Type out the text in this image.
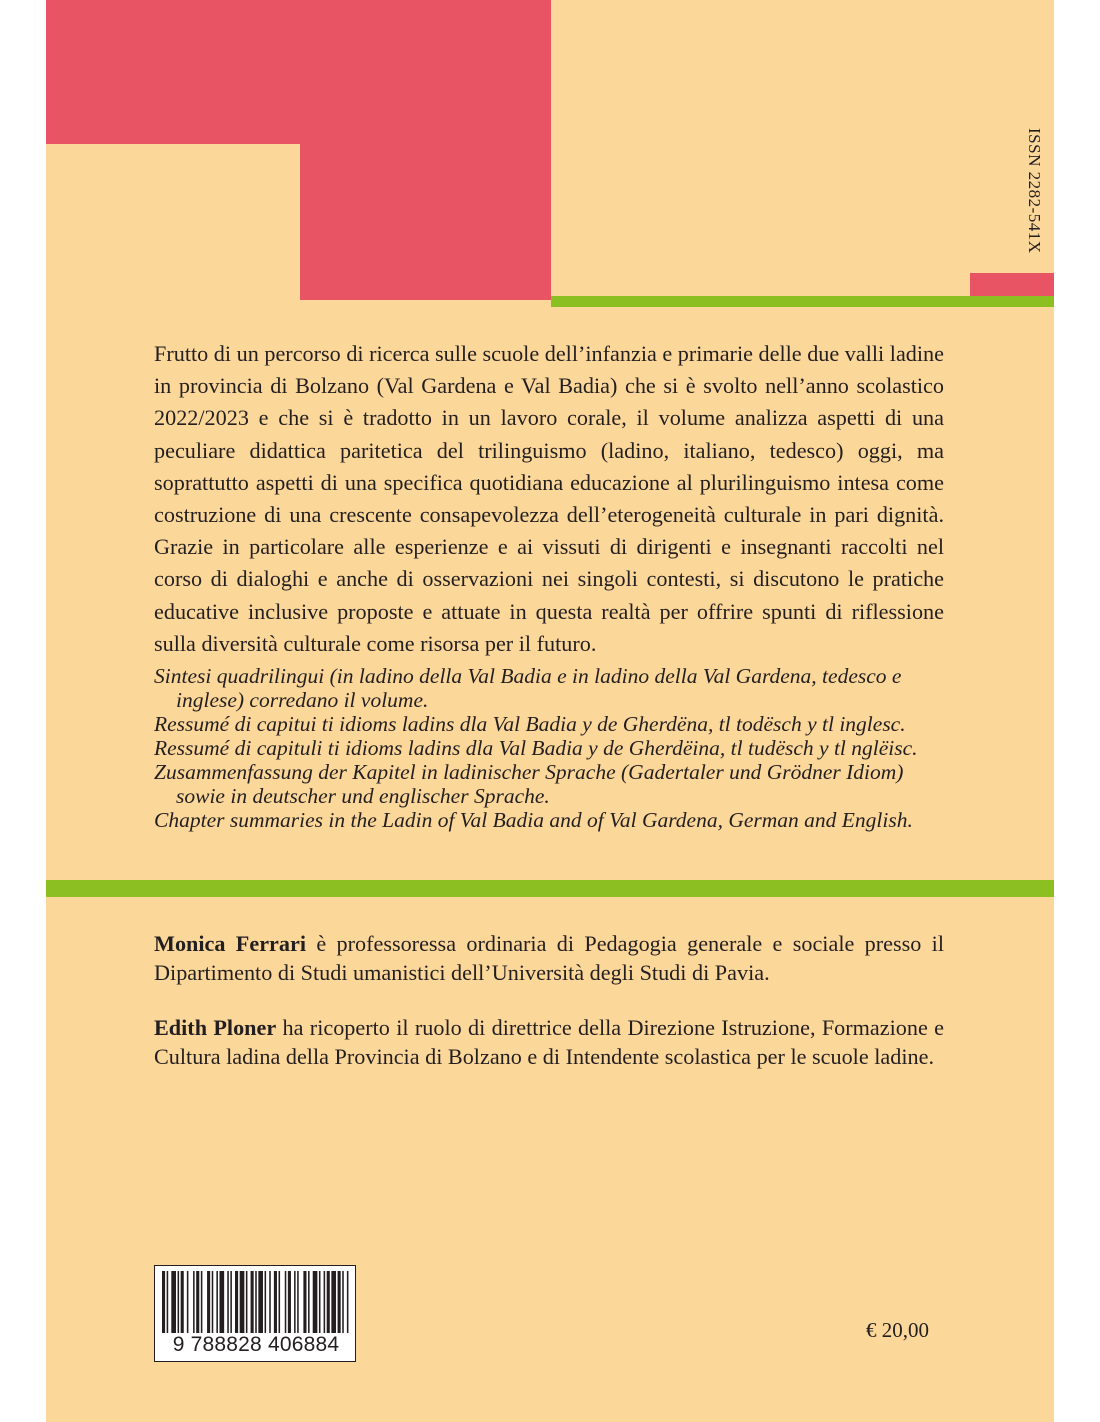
ISSN 2282-541X

Frutto di un percorso di ricerca sulle scuole dell’infanzia e primarie delle due valli ladine in provincia di Bolzano (Val Gardena e Val Badia) che si è svolto nell’anno scolastico 2022/2023 e che si è tradotto in un lavoro corale, il volume analizza aspetti di una peculiare didattica paritetica del trilinguismo (ladino, italiano, tedesco) oggi, ma soprattutto aspetti di una specifica quotidiana educazione al plurilinguismo intesa come costruzione di una crescente consapevolezza dell’eterogeneità culturale in pari dignità. Grazie in particolare alle esperienze e ai vissuti di dirigenti e insegnanti raccolti nel corso di dialoghi e anche di osservazioni nei singoli contesti, si discutono le pratiche educative inclusive proposte e attuate in questa realtà per offrire spunti di riflessione sulla diversità culturale come risorsa per il futuro.

Sintesi quadrilingui (in ladino della Val Badia e in ladino della Val Gardena, tedesco e inglese) corredano il volume.
Ressumé di capitui ti idioms ladins dla Val Badia y de Gherdëna, tl todësch y tl inglesc.
Ressumé di capituli ti idioms ladins dla Val Badia y de Gherdëina, tl tudësch y tl nglëisc.
Zusammenfassung der Kapitel in ladinischer Sprache (Gadertaler und Grödner Idiom) sowie in deutscher und englischer Sprache.
Chapter summaries in the Ladin of Val Badia and of Val Gardena, German and English.

Monica Ferrari è professoressa ordinaria di Pedagogia generale e sociale presso il Dipartimento di Studi umanistici dell’Università degli Studi di Pavia.

Edith Ploner ha ricoperto il ruolo di direttrice della Direzione Istruzione, Formazione e Cultura ladina della Provincia di Bolzano e di Intendente scolastica per le scuole ladine.

9 788828 406884
€ 20,00
